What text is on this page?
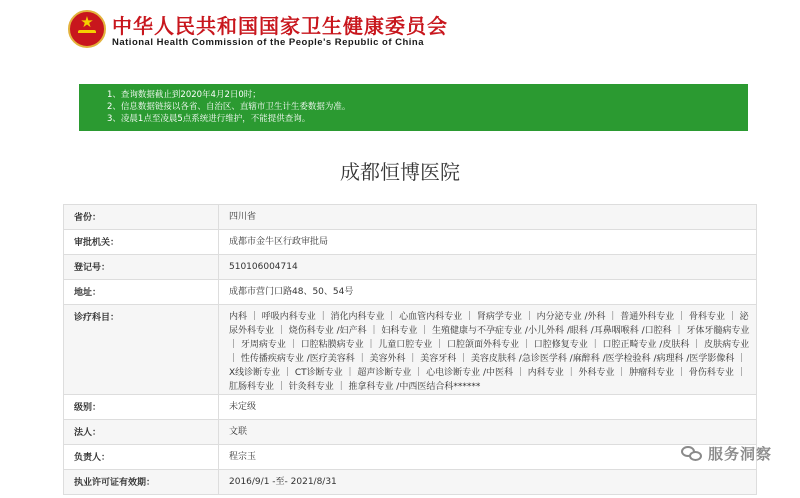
★
中华人民共和国国家卫生健康委员会
National Health Commission of the People's Republic of China
1、查询数据截止到2020年4月2日0时；
2、信息数据链接以各省、自治区、直辖市卫生计生委数据为准。
3、凌晨1点至凌晨5点系统进行维护，不能提供查询。
成都恒博医院
省份：	四川省
审批机关：	成都市金牛区行政审批局
登记号：	510106004714
地址：	成都市营门口路48、50、54号
诊疗科目：	内科 ｜ 呼吸内科专业 ｜ 消化内科专业 ｜ 心血管内科专业 ｜ 肾病学专业 ｜ 内分泌专业 /外科 ｜ 普通外科专业 ｜ 骨科专业 ｜ 泌尿外科专业 ｜ 烧伤科专业 /妇产科 ｜ 妇科专业 ｜ 生殖健康与不孕症专业 /小儿外科 /眼科 /耳鼻咽喉科 /口腔科 ｜ 牙体牙髓病专业 ｜ 牙周病专业 ｜ 口腔粘膜病专业 ｜ 儿童口腔专业 ｜ 口腔颌面外科专业 ｜ 口腔修复专业 ｜ 口腔正畸专业 /皮肤科 ｜ 皮肤病专业 ｜ 性传播疾病专业 /医疗美容科 ｜ 美容外科 ｜ 美容牙科 ｜ 美容皮肤科 /急诊医学科 /麻醉科 /医学检验科 /病理科 /医学影像科 ｜ X线诊断专业 ｜ CT诊断专业 ｜ 超声诊断专业 ｜ 心电诊断专业 /中医科 ｜ 内科专业 ｜ 外科专业 ｜ 肿瘤科专业 ｜ 骨伤科专业 ｜ 肛肠科专业 ｜ 针灸科专业 ｜ 推拿科专业 /中西医结合科******
级别：	未定级
法人：	文联
负责人：	程宗玉
执业许可证有效期：	2016/9/1 -至- 2021/8/31
服务洞察
